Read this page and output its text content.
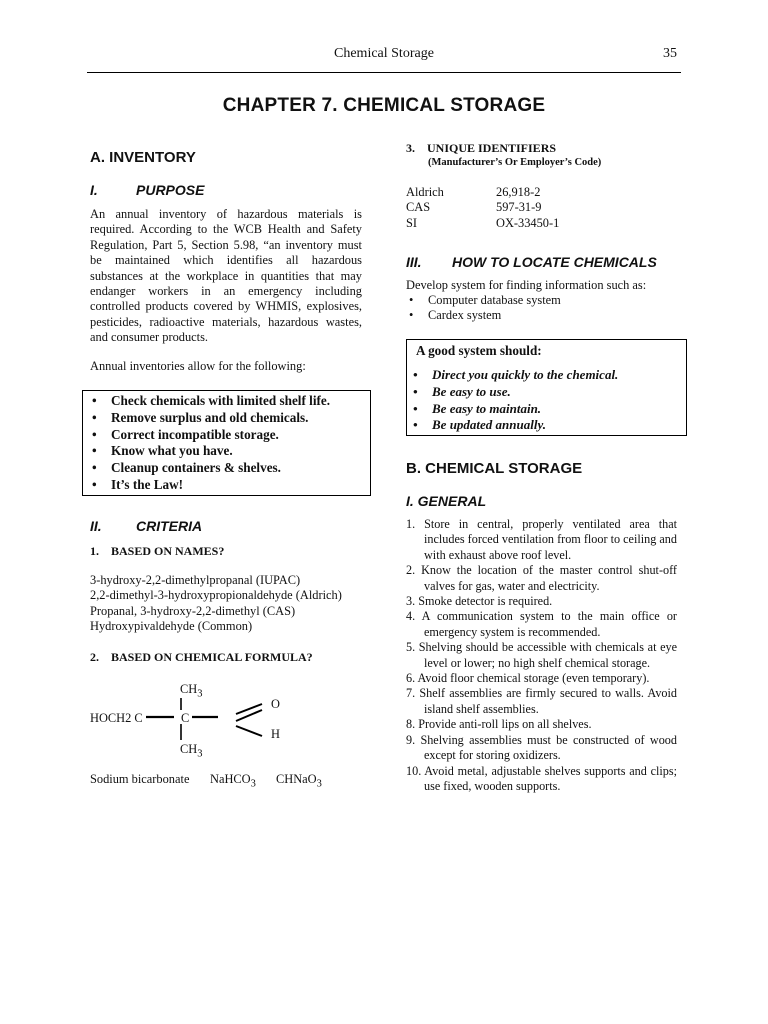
Chemical Storage	35
CHAPTER 7. CHEMICAL STORAGE
A. INVENTORY
I.	PURPOSE
An annual inventory of hazardous materials is required. According to the WCB Health and Safety Regulation, Part 5, Section 5.98, “an inventory must be maintained which identifies all hazardous substances at the workplace in quantities that may endanger workers in an emergency including controlled products covered by WHMIS, explosives, pesticides, radioactive materials, hazardous wastes, and consumer products.
Annual inventories allow for the following:
• Check chemicals with limited shelf life.
• Remove surplus and old chemicals.
• Correct incompatible storage.
• Know what you have.
• Cleanup containers & shelves.
• It’s the Law!
II. CRITERIA
1.    BASED ON NAMES?
3-hydroxy-2,2-dimethylpropanal (IUPAC)
2,2-dimethyl-3-hydroxypropionaldehyde (Aldrich)
Propanal, 3-hydroxy-2,2-dimethyl (CAS)
Hydroxypivaldehyde (Common)
2.    BASED ON CHEMICAL FORMULA?
$CH_3$
HOCH2 C	C
$CH_3$
O
H
Sodium bicarbonate NaHCO$_3$ CHNaO$_3$
3.    UNIQUE IDENTIFIERS
(Manufacturer’s Or Employer’s Code)
Aldrich	26,918-2
CAS	597-31-9
SI	OX-33450-1
III. HOW TO LOCATE CHEMICALS
Develop system for finding information such as:
• Computer database system
• Cardex system
A good system should:
• Direct you quickly to the chemical.
• Be easy to use.
• Be easy to maintain.
• Be updated annually.
B. CHEMICAL STORAGE
I. GENERAL
1. Store in central, properly ventilated area that includes forced ventilation from floor to ceiling and with exhaust above roof level.
2. Know the location of the master control shut-off valves for gas, water and electricity.
3. Smoke detector is required.
4. A communication system to the main office or emergency system is recommended.
5. Shelving should be accessible with chemicals at eye level or lower; no high shelf chemical storage.
6. Avoid floor chemical storage (even temporary).
7. Shelf assemblies are firmly secured to walls. Avoid island shelf assemblies.
8. Provide anti-roll lips on all shelves.
9. Shelving assemblies must be constructed of wood except for storing oxidizers.
10. Avoid metal, adjustable shelves supports and clips; use fixed, wooden supports.
